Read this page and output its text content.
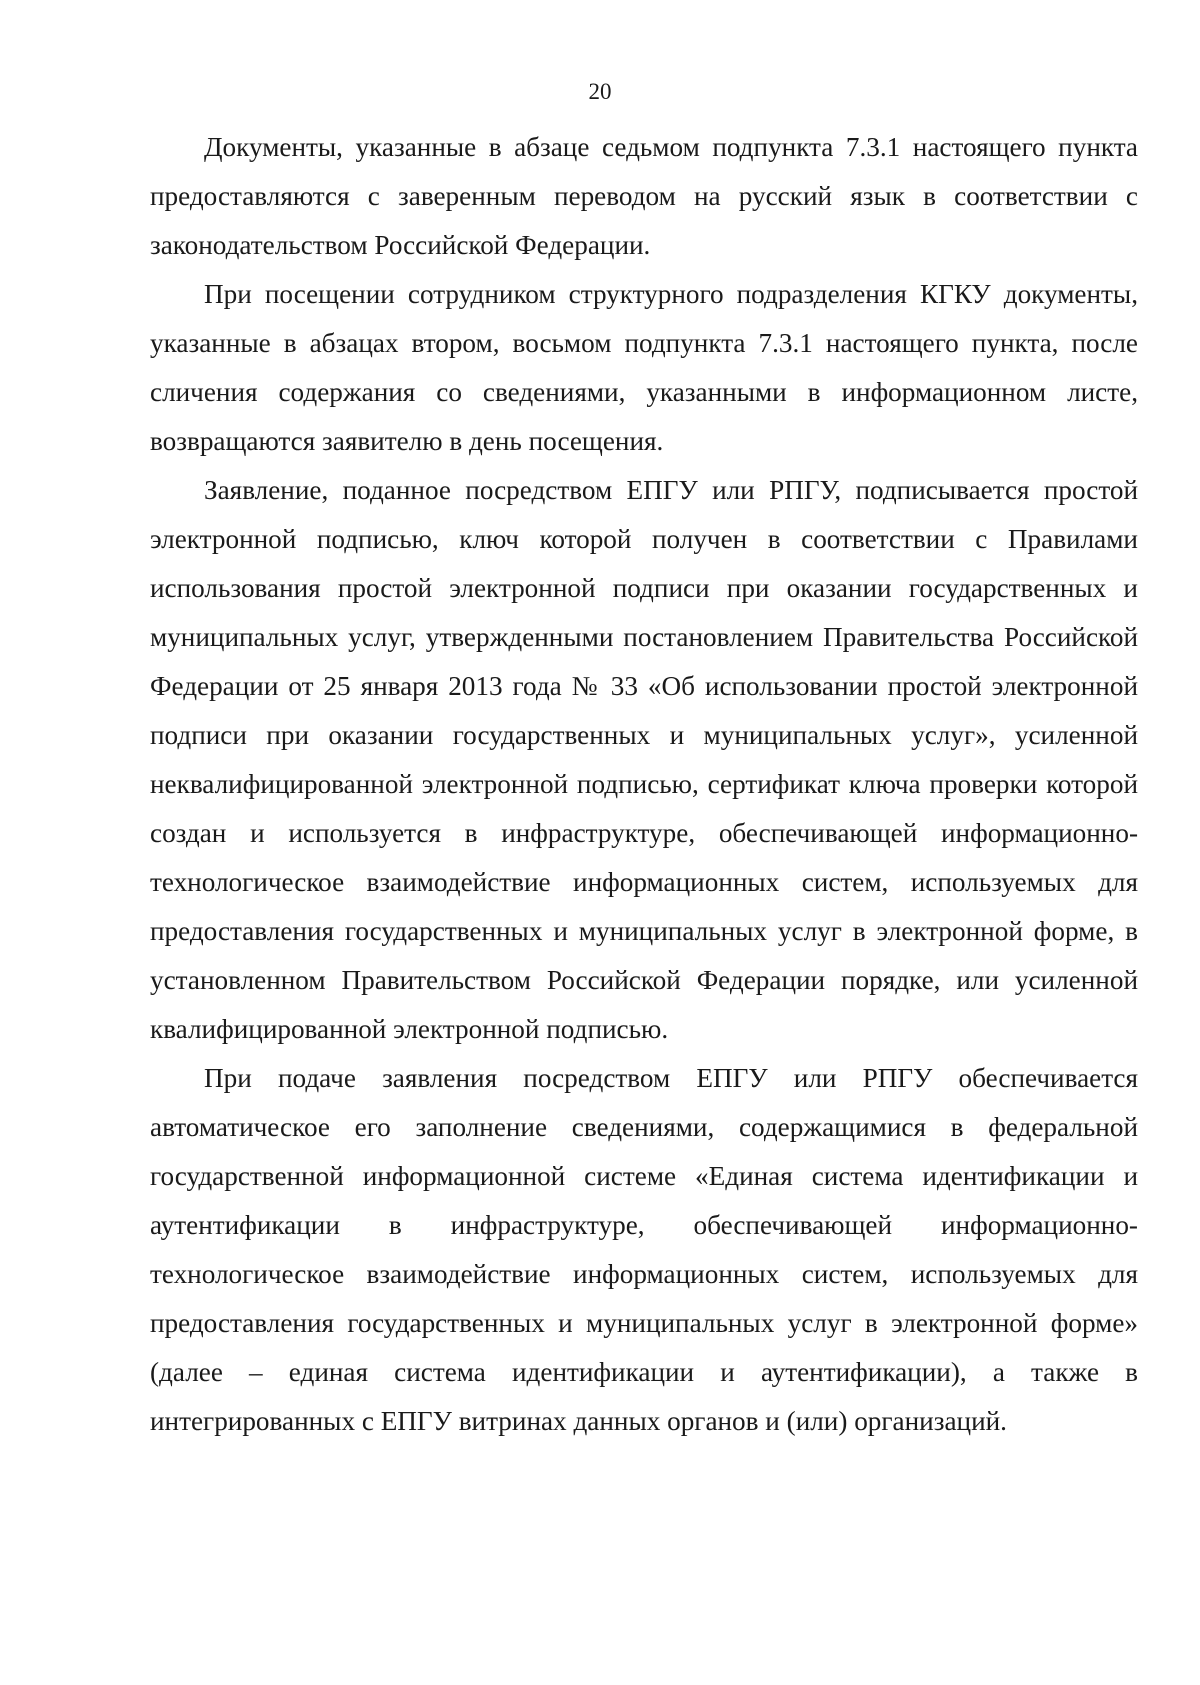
20

Документы, указанные в абзаце седьмом подпункта 7.3.1 настоящего пункта предоставляются с заверенным переводом на русский язык в соответствии с законодательством Российской Федерации.

При посещении сотрудником структурного подразделения КГКУ документы, указанные в абзацах втором, восьмом подпункта 7.3.1 настоящего пункта, после сличения содержания со сведениями, указанными в информационном листе, возвращаются заявителю в день посещения.

Заявление, поданное посредством ЕПГУ или РПГУ, подписывается простой электронной подписью, ключ которой получен в соответствии с Правилами использования простой электронной подписи при оказании государственных и муниципальных услуг, утвержденными постановлением Правительства Российской Федерации от 25 января 2013 года № 33 «Об использовании простой электронной подписи при оказании государственных и муниципальных услуг», усиленной неквалифицированной электронной подписью, сертификат ключа проверки которой создан и используется в инфраструктуре, обеспечивающей информационно-технологическое взаимодействие информационных систем, используемых для предоставления государственных и муниципальных услуг в электронной форме, в установленном Правительством Российской Федерации порядке, или усиленной квалифицированной электронной подписью.

При подаче заявления посредством ЕПГУ или РПГУ обеспечивается автоматическое его заполнение сведениями, содержащимися в федеральной государственной информационной системе «Единая система идентификации и аутентификации в инфраструктуре, обеспечивающей информационно-технологическое взаимодействие информационных систем, используемых для предоставления государственных и муниципальных услуг в электронной форме» (далее – единая система идентификации и аутентификации), а также в интегрированных с ЕПГУ витринах данных органов и (или) организаций.
